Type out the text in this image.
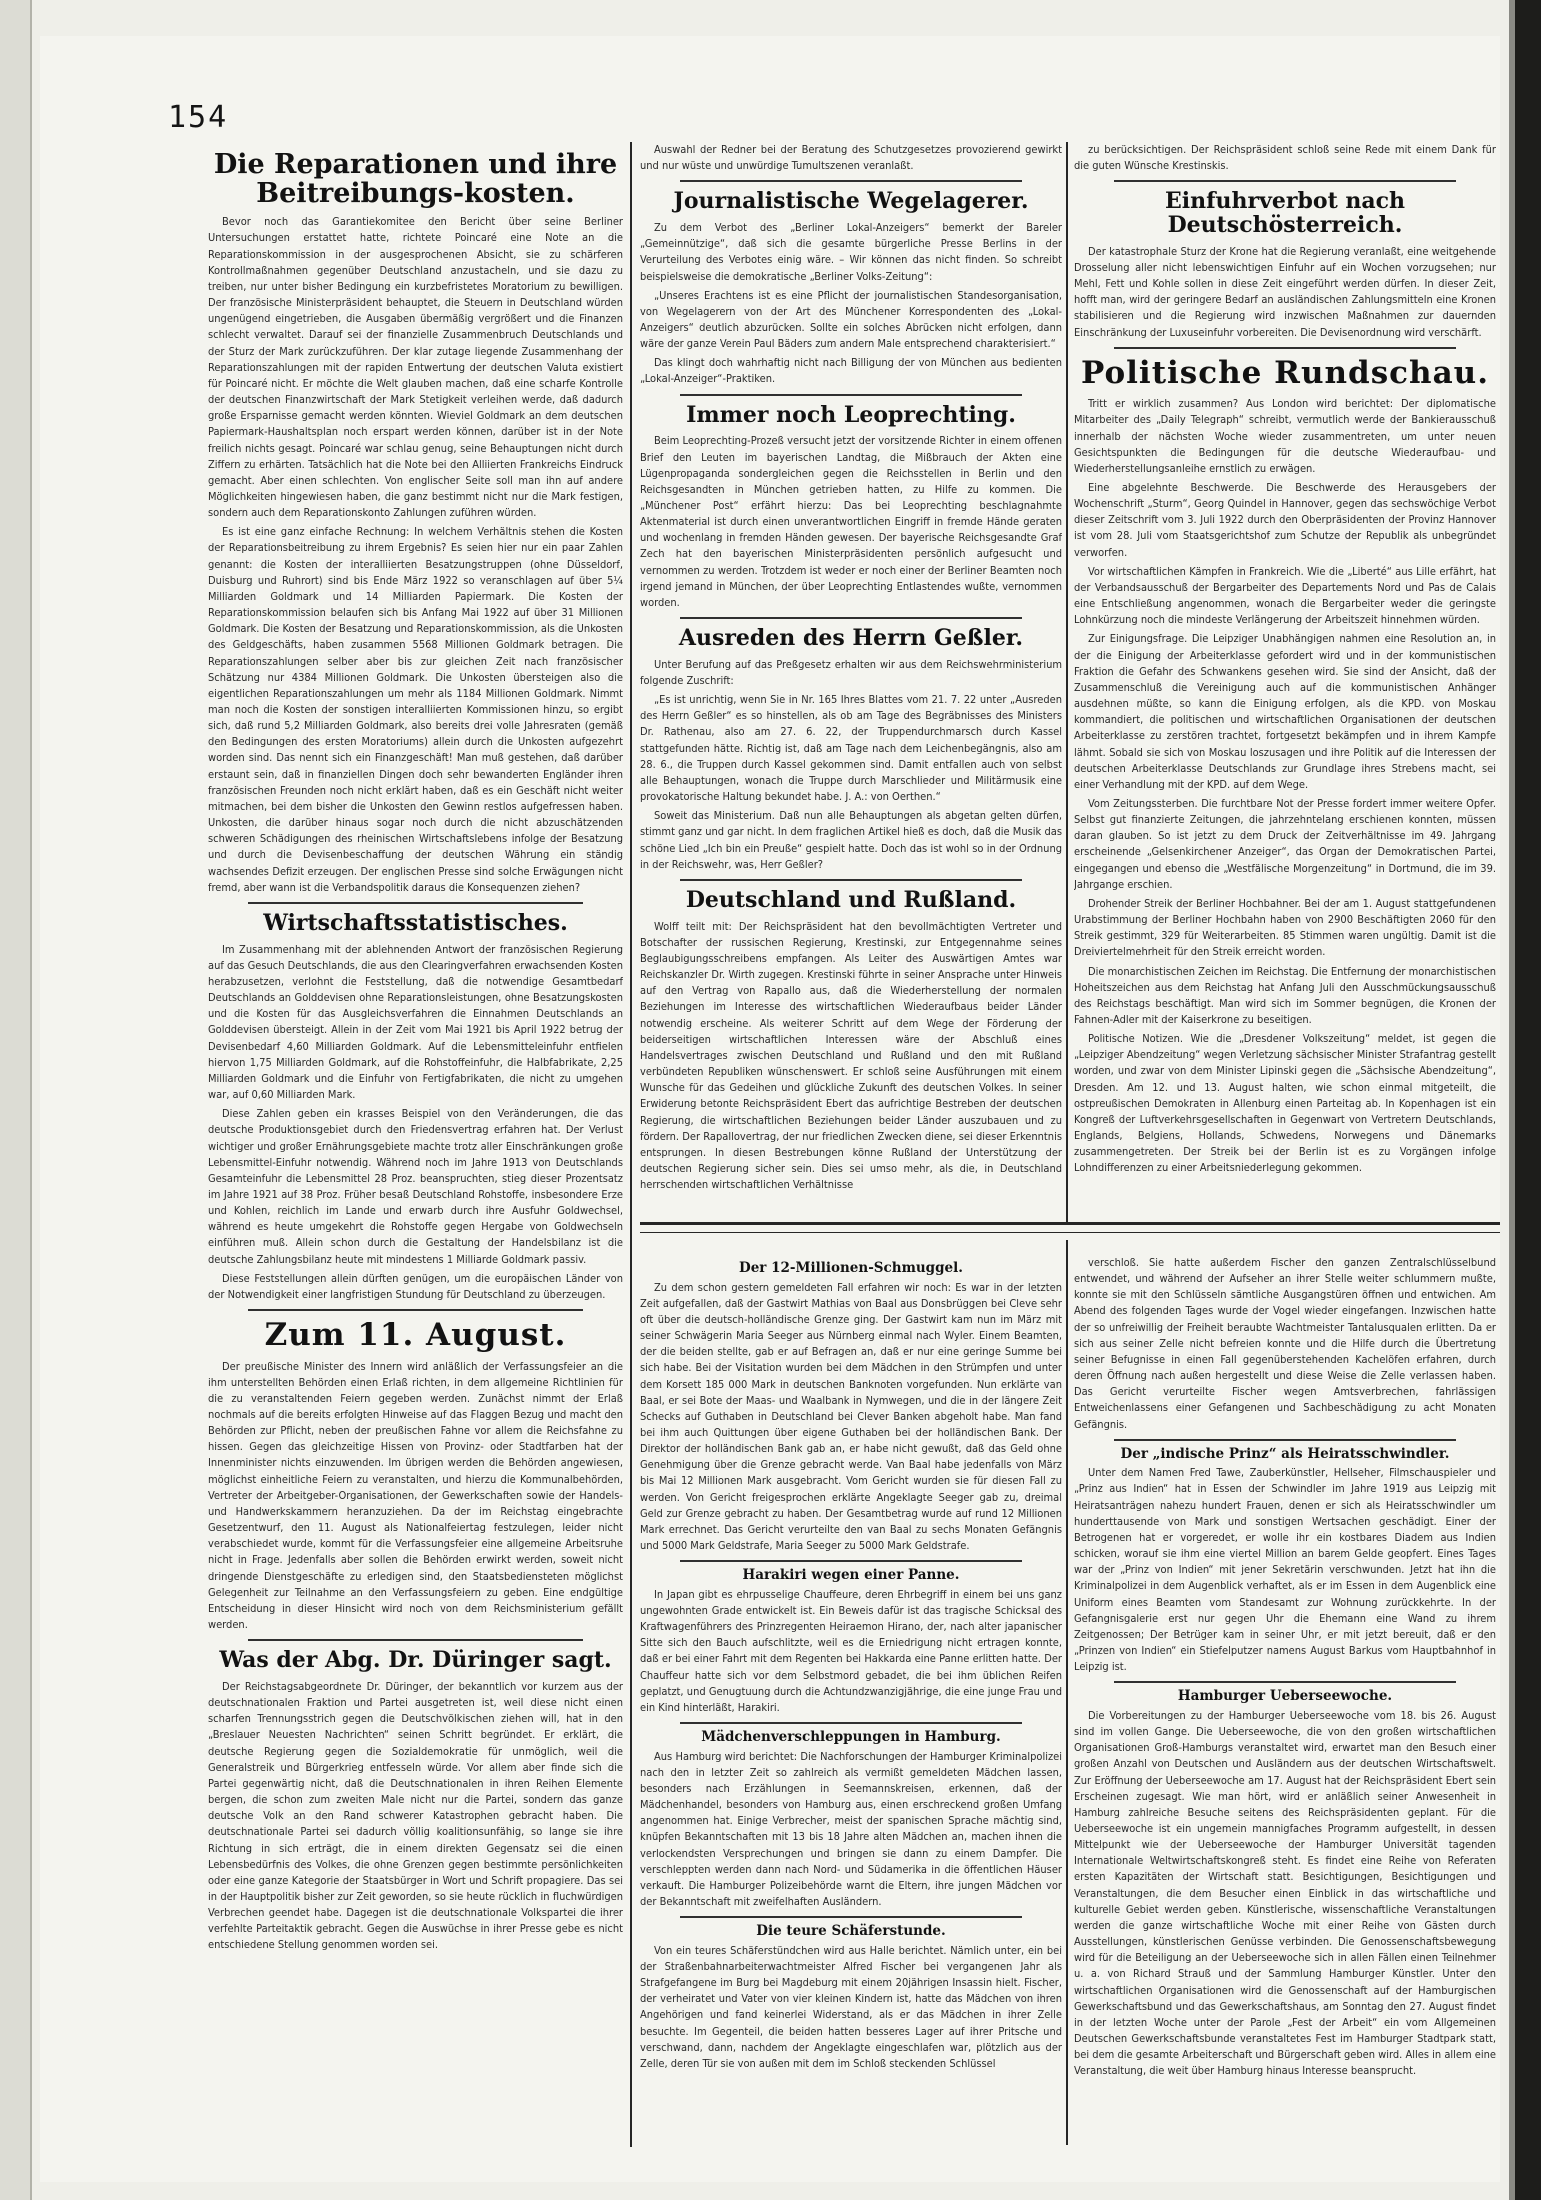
154
Die Reparationen und ihre Beitreibungs-kosten.

Bevor noch das Garantiekomitee den Bericht über seine Berliner Untersuchungen erstattet hatte, richtete Poincaré eine Note an die Reparationskommission in der ausgesprochenen Absicht, sie zu schärferen Kontrollmaßnahmen gegenüber Deutschland anzustacheln, und sie dazu zu treiben, nur unter bisher Bedingung ein kurzbefristetes Moratorium zu bewilligen. Der französische Ministerpräsident behauptet, die Steuern in Deutschland würden ungenügend eingetrieben, die Ausgaben übermäßig vergrößert und die Finanzen schlecht verwaltet. Darauf sei der finanzielle Zusammenbruch Deutschlands und der Sturz der Mark zurückzuführen. Der klar zutage liegende Zusammenhang der Reparationszahlungen mit der rapiden Entwertung der deutschen Valuta existiert für Poincaré nicht. Er möchte die Welt glauben machen, daß eine scharfe Kontrolle der deutschen Finanzwirtschaft der Mark Stetigkeit verleihen werde, daß dadurch große Ersparnisse gemacht werden könnten. Wieviel Goldmark an dem deutschen Papiermark-Haushaltsplan noch erspart werden können, darüber ist in der Note freilich nichts gesagt. Poincaré war schlau genug, seine Behauptungen nicht durch Ziffern zu erhärten. Tatsächlich hat die Note bei den Alliierten Frankreichs Eindruck gemacht. Aber einen schlechten. Von englischer Seite soll man ihn auf andere Möglichkeiten hingewiesen haben, die ganz bestimmt nicht nur die Mark festigen, sondern auch dem Reparationskonto Zahlungen zuführen würden.

Es ist eine ganz einfache Rechnung: In welchem Verhältnis stehen die Kosten der Reparationsbeitreibung zu ihrem Ergebnis? Es seien hier nur ein paar Zahlen genannt: die Kosten der interalliierten Besatzungstruppen (ohne Düsseldorf, Duisburg und Ruhrort) sind bis Ende März 1922 so veranschlagen auf über 5¼ Milliarden Goldmark und 14 Milliarden Papiermark. Die Kosten der Reparationskommission belaufen sich bis Anfang Mai 1922 auf über 31 Millionen Goldmark. Die Kosten der Besatzung und Reparationskommission, als die Unkosten des Geldgeschäfts, haben zusammen 5568 Millionen Goldmark betragen. Die Reparationszahlungen selber aber bis zur gleichen Zeit nach französischer Schätzung nur 4384 Millionen Goldmark. Die Unkosten übersteigen also die eigentlichen Reparationszahlungen um mehr als 1184 Millionen Goldmark. Nimmt man noch die Kosten der sonstigen interalliierten Kommissionen hinzu, so ergibt sich, daß rund 5,2 Milliarden Goldmark, also bereits drei volle Jahresraten (gemäß den Bedingungen des ersten Moratoriums) allein durch die Unkosten aufgezehrt worden sind. Das nennt sich ein Finanzgeschäft! Man muß gestehen, daß darüber erstaunt sein, daß in finanziellen Dingen doch sehr bewanderten Engländer ihren französischen Freunden noch nicht erklärt haben, daß es ein Geschäft nicht weiter mitmachen, bei dem bisher die Unkosten den Gewinn restlos aufgefressen haben. Unkosten, die darüber hinaus sogar noch durch die nicht abzuschätzenden schweren Schädigungen des rheinischen Wirtschaftslebens infolge der Besatzung und durch die Devisenbeschaffung der deutschen Währung ein ständig wachsendes Defizit erzeugen. Der englischen Presse sind solche Erwägungen nicht fremd, aber wann ist die Verbandspolitik daraus die Konsequenzen ziehen?

Wirtschaftsstatistisches.

Im Zusammenhang mit der ablehnenden Antwort der französischen Regierung auf das Gesuch Deutschlands, die aus den Clearingverfahren erwachsenden Kosten herabzusetzen, verlohnt die Feststellung, daß die notwendige Gesamtbedarf Deutschlands an Golddevisen ohne Reparationsleistungen, ohne Besatzungskosten und die Kosten für das Ausgleichsverfahren die Einnahmen Deutschlands an Golddevisen übersteigt. Allein in der Zeit vom Mai 1921 bis April 1922 betrug der Devisenbedarf 4,60 Milliarden Goldmark. Auf die Lebensmitteleinfuhr entfielen hiervon 1,75 Milliarden Goldmark, auf die Rohstoffeinfuhr, die Halbfabrikate, 2,25 Milliarden Goldmark und die Einfuhr von Fertigfabrikaten, die nicht zu umgehen war, auf 0,60 Milliarden Mark.

Diese Zahlen geben ein krasses Beispiel von den Veränderungen, die das deutsche Produktionsgebiet durch den Friedensvertrag erfahren hat. Der Verlust wichtiger und großer Ernährungsgebiete machte trotz aller Einschränkungen große Lebensmittel-Einfuhr notwendig. Während noch im Jahre 1913 von Deutschlands Gesamteinfuhr die Lebensmittel 28 Proz. beanspruchten, stieg dieser Prozentsatz im Jahre 1921 auf 38 Proz. Früher besaß Deutschland Rohstoffe, insbesondere Erze und Kohlen, reichlich im Lande und erwarb durch ihre Ausfuhr Goldwechsel, während es heute umgekehrt die Rohstoffe gegen Hergabe von Goldwechseln einführen muß. Allein schon durch die Gestaltung der Handelsbilanz ist die deutsche Zahlungsbilanz heute mit mindestens 1 Milliarde Goldmark passiv.

Diese Feststellungen allein dürften genügen, um die europäischen Länder von der Notwendigkeit einer langfristigen Stundung für Deutschland zu überzeugen.

Zum 11. August.

Der preußische Minister des Innern wird anläßlich der Verfassungsfeier an die ihm unterstellten Behörden einen Erlaß richten, in dem allgemeine Richtlinien für die zu veranstaltenden Feiern gegeben werden. Zunächst nimmt der Erlaß nochmals auf die bereits erfolgten Hinweise auf das Flaggen Bezug und macht den Behörden zur Pflicht, neben der preußischen Fahne vor allem die Reichsfahne zu hissen. Gegen das gleichzeitige Hissen von Provinz- oder Stadtfarben hat der Innenminister nichts einzuwenden. Im übrigen werden die Behörden angewiesen, möglichst einheitliche Feiern zu veranstalten, und hierzu die Kommunalbehörden, Vertreter der Arbeitgeber-Organisationen, der Gewerkschaften sowie der Handels- und Handwerkskammern heranzuziehen. Da der im Reichstag eingebrachte Gesetzentwurf, den 11. August als Nationalfeiertag festzulegen, leider nicht verabschiedet wurde, kommt für die Verfassungsfeier eine allgemeine Arbeitsruhe nicht in Frage. Jedenfalls aber sollen die Behörden erwirkt werden, soweit nicht dringende Dienstgeschäfte zu erledigen sind, den Staatsbediensteten möglichst Gelegenheit zur Teilnahme an den Verfassungsfeiern zu geben. Eine endgültige Entscheidung in dieser Hinsicht wird noch von dem Reichsministerium gefällt werden.

Was der Abg. Dr. Düringer sagt.

Der Reichstagsabgeordnete Dr. Düringer, der bekanntlich vor kurzem aus der deutschnationalen Fraktion und Partei ausgetreten ist, weil diese nicht einen scharfen Trennungsstrich gegen die Deutschvölkischen ziehen will, hat in den „Breslauer Neuesten Nachrichten“ seinen Schritt begründet. Er erklärt, die deutsche Regierung gegen die Sozialdemokratie für unmöglich, weil die Generalstreik und Bürgerkrieg entfesseln würde. Vor allem aber finde sich die Partei gegenwärtig nicht, daß die Deutschnationalen in ihren Reihen Elemente bergen, die schon zum zweiten Male nicht nur die Partei, sondern das ganze deutsche Volk an den Rand schwerer Katastrophen gebracht haben. Die deutschnationale Partei sei dadurch völlig koalitionsunfähig, so lange sie ihre Richtung in sich erträgt, die in einem direkten Gegensatz sei die einen Lebensbedürfnis des Volkes, die ohne Grenzen gegen bestimmte persönlichkeiten oder eine ganze Kategorie der Staatsbürger in Wort und Schrift propagiere. Das sei in der Hauptpolitik bisher zur Zeit geworden, so sie heute rücklich in fluchwürdigen Verbrechen geendet habe. Dagegen ist die deutschnationale Volkspartei die ihrer verfehlte Parteitaktik gebracht. Gegen die Auswüchse in ihrer Presse gebe es nicht entschiedene Stellung genommen worden sei.

Auswahl der Redner bei der Beratung des Schutzgesetzes provozierend gewirkt und nur wüste und unwürdige Tumultszenen veranlaßt.

Journalistische Wegelagerer.

Zu dem Verbot des „Berliner Lokal-Anzeigers“ bemerkt der Bareler „Gemeinnützige“, daß sich die gesamte bürgerliche Presse Berlins in der Verurteilung des Verbotes einig wäre. – Wir können das nicht finden. So schreibt beispielsweise die demokratische „Berliner Volks-Zeitung“:

„Unseres Erachtens ist es eine Pflicht der journalistischen Standesorganisation, von Wegelagerern von der Art des Münchener Korrespondenten des „Lokal-Anzeigers“ deutlich abzurücken. Sollte ein solches Abrücken nicht erfolgen, dann wäre der ganze Verein Paul Bäders zum andern Male entsprechend charakterisiert.“

Das klingt doch wahrhaftig nicht nach Billigung der von München aus bedienten „Lokal-Anzeiger“-Praktiken.

Immer noch Leoprechting.

Beim Leoprechting-Prozeß versucht jetzt der vorsitzende Richter in einem offenen Brief den Leuten im bayerischen Landtag, die Mißbrauch der Akten eine Lügenpropaganda sondergleichen gegen die Reichsstellen in Berlin und den Reichsgesandten in München getrieben hatten, zu Hilfe zu kommen. Die „Münchener Post“ erfährt hierzu: Das bei Leoprechting beschlagnahmte Aktenmaterial ist durch einen unverantwortlichen Eingriff in fremde Hände geraten und wochenlang in fremden Händen gewesen. Der bayerische Reichsgesandte Graf Zech hat den bayerischen Ministerpräsidenten persönlich aufgesucht und vernommen zu werden. Trotzdem ist weder er noch einer der Berliner Beamten noch irgend jemand in München, der über Leoprechting Entlastendes wußte, vernommen worden.

Ausreden des Herrn Geßler.

Unter Berufung auf das Preßgesetz erhalten wir aus dem Reichswehrministerium folgende Zuschrift:

„Es ist unrichtig, wenn Sie in Nr. 165 Ihres Blattes vom 21. 7. 22 unter „Ausreden des Herrn Geßler“ es so hinstellen, als ob am Tage des Begräbnisses des Ministers Dr. Rathenau, also am 27. 6. 22, der Truppendurchmarsch durch Kassel stattgefunden hätte. Richtig ist, daß am Tage nach dem Leichenbegängnis, also am 28. 6., die Truppen durch Kassel gekommen sind. Damit entfallen auch von selbst alle Behauptungen, wonach die Truppe durch Marschlieder und Militärmusik eine provokatorische Haltung bekundet habe. J. A.: von Oerthen.“

Soweit das Ministerium. Daß nun alle Behauptungen als abgetan gelten dürfen, stimmt ganz und gar nicht. In dem fraglichen Artikel hieß es doch, daß die Musik das schöne Lied „Ich bin ein Preuße“ gespielt hatte. Doch das ist wohl so in der Ordnung in der Reichswehr, was, Herr Geßler?

Deutschland und Rußland.

Wolff teilt mit: Der Reichspräsident hat den bevollmächtigten Vertreter und Botschafter der russischen Regierung, Krestinski, zur Entgegennahme seines Beglaubigungsschreibens empfangen. Als Leiter des Auswärtigen Amtes war Reichskanzler Dr. Wirth zugegen. Krestinski führte in seiner Ansprache unter Hinweis auf den Vertrag von Rapallo aus, daß die Wiederherstellung der normalen Beziehungen im Interesse des wirtschaftlichen Wiederaufbaus beider Länder notwendig erscheine. Als weiterer Schritt auf dem Wege der Förderung der beiderseitigen wirtschaftlichen Interessen wäre der Abschluß eines Handelsvertrages zwischen Deutschland und Rußland und den mit Rußland verbündeten Republiken wünschenswert. Er schloß seine Ausführungen mit einem Wunsche für das Gedeihen und glückliche Zukunft des deutschen Volkes. In seiner Erwiderung betonte Reichspräsident Ebert das aufrichtige Bestreben der deutschen Regierung, die wirtschaftlichen Beziehungen beider Länder auszubauen und zu fördern. Der Rapallovertrag, der nur friedlichen Zwecken diene, sei dieser Erkenntnis entsprungen. In diesen Bestrebungen könne Rußland der Unterstützung der deutschen Regierung sicher sein. Dies sei umso mehr, als die, in Deutschland herrschenden wirtschaftlichen Verhältnisse

zu berücksichtigen. Der Reichspräsident schloß seine Rede mit einem Dank für die guten Wünsche Krestinskis.

Einfuhrverbot nach Deutschösterreich.

Der katastrophale Sturz der Krone hat die Regierung veranlaßt, eine weitgehende Drosselung aller nicht lebenswichtigen Einfuhr auf ein Wochen vorzugsehen; nur Mehl, Fett und Kohle sollen in diese Zeit eingeführt werden dürfen. In dieser Zeit, hofft man, wird der geringere Bedarf an ausländischen Zahlungsmitteln eine Kronen stabilisieren und die Regierung wird inzwischen Maßnahmen zur dauernden Einschränkung der Luxuseinfuhr vorbereiten. Die Devisenordnung wird verschärft.

Politische Rundschau.

Tritt er wirklich zusammen? Aus London wird berichtet: Der diplomatische Mitarbeiter des „Daily Telegraph“ schreibt, vermutlich werde der Bankierausschuß innerhalb der nächsten Woche wieder zusammentreten, um unter neuen Gesichtspunkten die Bedingungen für die deutsche Wiederaufbau- und Wiederherstellungsanleihe ernstlich zu erwägen.

Eine abgelehnte Beschwerde. Die Beschwerde des Herausgebers der Wochenschrift „Sturm“, Georg Quindel in Hannover, gegen das sechswöchige Verbot dieser Zeitschrift vom 3. Juli 1922 durch den Oberpräsidenten der Provinz Hannover ist vom 28. Juli vom Staatsgerichtshof zum Schutze der Republik als unbegründet verworfen.

Vor wirtschaftlichen Kämpfen in Frankreich. Wie die „Liberté“ aus Lille erfährt, hat der Verbandsausschuß der Bergarbeiter des Departements Nord und Pas de Calais eine Entschließung angenommen, wonach die Bergarbeiter weder die geringste Lohnkürzung noch die mindeste Verlängerung der Arbeitszeit hinnehmen würden.

Zur Einigungsfrage. Die Leipziger Unabhängigen nahmen eine Resolution an, in der die Einigung der Arbeiterklasse gefordert wird und in der kommunistischen Fraktion die Gefahr des Schwankens gesehen wird. Sie sind der Ansicht, daß der Zusammenschluß die Vereinigung auch auf die kommunistischen Anhänger ausdehnen müßte, so kann die Einigung erfolgen, als die KPD. von Moskau kommandiert, die politischen und wirtschaftlichen Organisationen der deutschen Arbeiterklasse zu zerstören trachtet, fortgesetzt bekämpfen und in ihrem Kampfe lähmt. Sobald sie sich von Moskau loszusagen und ihre Politik auf die Interessen der deutschen Arbeiterklasse Deutschlands zur Grundlage ihres Strebens macht, sei einer Verhandlung mit der KPD. auf dem Wege.

Vom Zeitungssterben. Die furchtbare Not der Presse fordert immer weitere Opfer. Selbst gut finanzierte Zeitungen, die jahrzehntelang erschienen konnten, müssen daran glauben. So ist jetzt zu dem Druck der Zeitverhältnisse im 49. Jahrgang erscheinende „Gelsenkirchener Anzeiger“, das Organ der Demokratischen Partei, eingegangen und ebenso die „Westfälische Morgenzeitung“ in Dortmund, die im 39. Jahrgange erschien.

Drohender Streik der Berliner Hochbahner. Bei der am 1. August stattgefundenen Urabstimmung der Berliner Hochbahn haben von 2900 Beschäftigten 2060 für den Streik gestimmt, 329 für Weiterarbeiten. 85 Stimmen waren ungültig. Damit ist die Dreiviertelmehrheit für den Streik erreicht worden.

Die monarchistischen Zeichen im Reichstag. Die Entfernung der monarchistischen Hoheitszeichen aus dem Reichstag hat Anfang Juli den Ausschmückungsausschuß des Reichstags beschäftigt. Man wird sich im Sommer begnügen, die Kronen der Fahnen-Adler mit der Kaiserkrone zu beseitigen.

Politische Notizen. Wie die „Dresdener Volkszeitung“ meldet, ist gegen die „Leipziger Abendzeitung“ wegen Verletzung sächsischer Minister Strafantrag gestellt worden, und zwar von dem Minister Lipinski gegen die „Sächsische Abendzeitung“, Dresden. Am 12. und 13. August halten, wie schon einmal mitgeteilt, die ostpreußischen Demokraten in Allenburg einen Parteitag ab. In Kopenhagen ist ein Kongreß der Luftverkehrsgesellschaften in Gegenwart von Vertretern Deutschlands, Englands, Belgiens, Hollands, Schwedens, Norwegens und Dänemarks zusammengetreten. Der Streik bei der Berlin ist es zu Vorgängen infolge Lohndifferenzen zu einer Arbeitsniederlegung gekommen.

Der 12-Millionen-Schmuggel.

Zu dem schon gestern gemeldeten Fall erfahren wir noch: Es war in der letzten Zeit aufgefallen, daß der Gastwirt Mathias von Baal aus Donsbrüggen bei Cleve sehr oft über die deutsch-holländische Grenze ging. Der Gastwirt kam nun im März mit seiner Schwägerin Maria Seeger aus Nürnberg einmal nach Wyler. Einem Beamten, der die beiden stellte, gab er auf Befragen an, daß er nur eine geringe Summe bei sich habe. Bei der Visitation wurden bei dem Mädchen in den Strümpfen und unter dem Korsett 185 000 Mark in deutschen Banknoten vorgefunden. Nun erklärte van Baal, er sei Bote der Maas- und Waalbank in Nymwegen, und die in der längere Zeit Schecks auf Guthaben in Deutschland bei Clever Banken abgeholt habe. Man fand bei ihm auch Quittungen über eigene Guthaben bei der holländischen Bank. Der Direktor der holländischen Bank gab an, er habe nicht gewußt, daß das Geld ohne Genehmigung über die Grenze gebracht werde. Van Baal habe jedenfalls von März bis Mai 12 Millionen Mark ausgebracht. Vom Gericht wurden sie für diesen Fall zu werden. Von Gericht freigesprochen erklärte Angeklagte Seeger gab zu, dreimal Geld zur Grenze gebracht zu haben. Der Gesamtbetrag wurde auf rund 12 Millionen Mark errechnet. Das Gericht verurteilte den van Baal zu sechs Monaten Gefängnis und 5000 Mark Geldstrafe, Maria Seeger zu 5000 Mark Geldstrafe.

Harakiri wegen einer Panne.

In Japan gibt es ehrpusselige Chauffeure, deren Ehrbegriff in einem bei uns ganz ungewohnten Grade entwickelt ist. Ein Beweis dafür ist das tragische Schicksal des Kraftwagenführers des Prinzregenten Heiraemon Hirano, der, nach alter japanischer Sitte sich den Bauch aufschlitzte, weil es die Erniedrigung nicht ertragen konnte, daß er bei einer Fahrt mit dem Regenten bei Hakkarda eine Panne erlitten hatte. Der Chauffeur hatte sich vor dem Selbstmord gebadet, die bei ihm üblichen Reifen geplatzt, und Genugtuung durch die Achtundzwanzigjährige, die eine junge Frau und ein Kind hinterläßt, Harakiri.

Mädchenverschleppungen in Hamburg.

Aus Hamburg wird berichtet: Die Nachforschungen der Hamburger Kriminalpolizei nach den in letzter Zeit so zahlreich als vermißt gemeldeten Mädchen lassen, besonders nach Erzählungen in Seemannskreisen, erkennen, daß der Mädchenhandel, besonders von Hamburg aus, einen erschreckend großen Umfang angenommen hat. Einige Verbrecher, meist der spanischen Sprache mächtig sind, knüpfen Bekanntschaften mit 13 bis 18 Jahre alten Mädchen an, machen ihnen die verlockendsten Versprechungen und bringen sie dann zu einem Dampfer. Die verschleppten werden dann nach Nord- und Südamerika in die öffentlichen Häuser verkauft. Die Hamburger Polizeibehörde warnt die Eltern, ihre jungen Mädchen vor der Bekanntschaft mit zweifelhaften Ausländern.

Die teure Schäferstunde.

Von ein teures Schäferstündchen wird aus Halle berichtet. Nämlich unter, ein bei der Straßenbahnarbeiterwachtmeister Alfred Fischer bei vergangenen Jahr als Strafgefangene im Burg bei Magdeburg mit einem 20jährigen Insassin hielt. Fischer, der verheiratet und Vater von vier kleinen Kindern ist, hatte das Mädchen von ihren Angehörigen und fand keinerlei Widerstand, als er das Mädchen in ihrer Zelle besuchte. Im Gegenteil, die beiden hatten besseres Lager auf ihrer Pritsche und verschwand, dann, nachdem der Angeklagte eingeschlafen war, plötzlich aus der Zelle, deren Tür sie von außen mit dem im Schloß steckenden Schlüssel

verschloß. Sie hatte außerdem Fischer den ganzen Zentralschlüsselbund entwendet, und während der Aufseher an ihrer Stelle weiter schlummern mußte, konnte sie mit den Schlüsseln sämtliche Ausgangstüren öffnen und entwichen. Am Abend des folgenden Tages wurde der Vogel wieder eingefangen. Inzwischen hatte der so unfreiwillig der Freiheit beraubte Wachtmeister Tantalusqualen erlitten. Da er sich aus seiner Zelle nicht befreien konnte und die Hilfe durch die Übertretung seiner Befugnisse in einen Fall gegenüberstehenden Kachelöfen erfahren, durch deren Öffnung nach außen hergestellt und diese Weise die Zelle verlassen haben. Das Gericht verurteilte Fischer wegen Amtsverbrechen, fahrlässigen Entweichenlassens einer Gefangenen und Sachbeschädigung zu acht Monaten Gefängnis.

Der „indische Prinz“ als Heiratsschwindler.

Unter dem Namen Fred Tawe, Zauberkünstler, Hellseher, Filmschauspieler und „Prinz aus Indien“ hat in Essen der Schwindler im Jahre 1919 aus Leipzig mit Heiratsanträgen nahezu hundert Frauen, denen er sich als Heiratsschwindler um hunderttausende von Mark und sonstigen Wertsachen geschädigt. Einer der Betrogenen hat er vorgeredet, er wolle ihr ein kostbares Diadem aus Indien schicken, worauf sie ihm eine viertel Million an barem Gelde geopfert. Eines Tages war der „Prinz von Indien“ mit jener Sekretärin verschwunden. Jetzt hat ihn die Kriminalpolizei in dem Augenblick verhaftet, als er im Essen in dem Augenblick eine Uniform eines Beamten vom Standesamt zur Wohnung zurückkehrte. In der Gefangnisgalerie erst nur gegen Uhr die Ehemann eine Wand zu ihrem Zeitgenossen; Der Betrüger kam in seiner Uhr, er mit jetzt bereuit, daß er den „Prinzen von Indien“ ein Stiefelputzer namens August Barkus vom Hauptbahnhof in Leipzig ist.

Hamburger Ueberseewoche.

Die Vorbereitungen zu der Hamburger Ueberseewoche vom 18. bis 26. August sind im vollen Gange. Die Ueberseewoche, die von den großen wirtschaftlichen Organisationen Groß-Hamburgs veranstaltet wird, erwartet man den Besuch einer großen Anzahl von Deutschen und Ausländern aus der deutschen Wirtschaftswelt. Zur Eröffnung der Ueberseewoche am 17. August hat der Reichspräsident Ebert sein Erscheinen zugesagt. Wie man hört, wird er anläßlich seiner Anwesenheit in Hamburg zahlreiche Besuche seitens des Reichspräsidenten geplant. Für die Ueberseewoche ist ein ungemein mannigfaches Programm aufgestellt, in dessen Mittelpunkt wie der Ueberseewoche der Hamburger Universität tagenden Internationale Weltwirtschaftskongreß steht. Es findet eine Reihe von Referaten ersten Kapazitäten der Wirtschaft statt. Besichtigungen, Besichtigungen und Veranstaltungen, die dem Besucher einen Einblick in das wirtschaftliche und kulturelle Gebiet werden geben. Künstlerische, wissenschaftliche Veranstaltungen werden die ganze wirtschaftliche Woche mit einer Reihe von Gästen durch Ausstellungen, künstlerischen Genüsse verbinden. Die Genossenschaftsbewegung wird für die Beteiligung an der Ueberseewoche sich in allen Fällen einen Teilnehmer u. a. von Richard Strauß und der Sammlung Hamburger Künstler. Unter den wirtschaftlichen Organisationen wird die Genossenschaft auf der Hamburgischen Gewerkschaftsbund und das Gewerkschaftshaus, am Sonntag den 27. August findet in der letzten Woche unter der Parole „Fest der Arbeit“ ein vom Allgemeinen Deutschen Gewerkschaftsbunde veranstaltetes Fest im Hamburger Stadtpark statt, bei dem die gesamte Arbeiterschaft und Bürgerschaft geben wird. Alles in allem eine Veranstaltung, die weit über Hamburg hinaus Interesse beansprucht.
